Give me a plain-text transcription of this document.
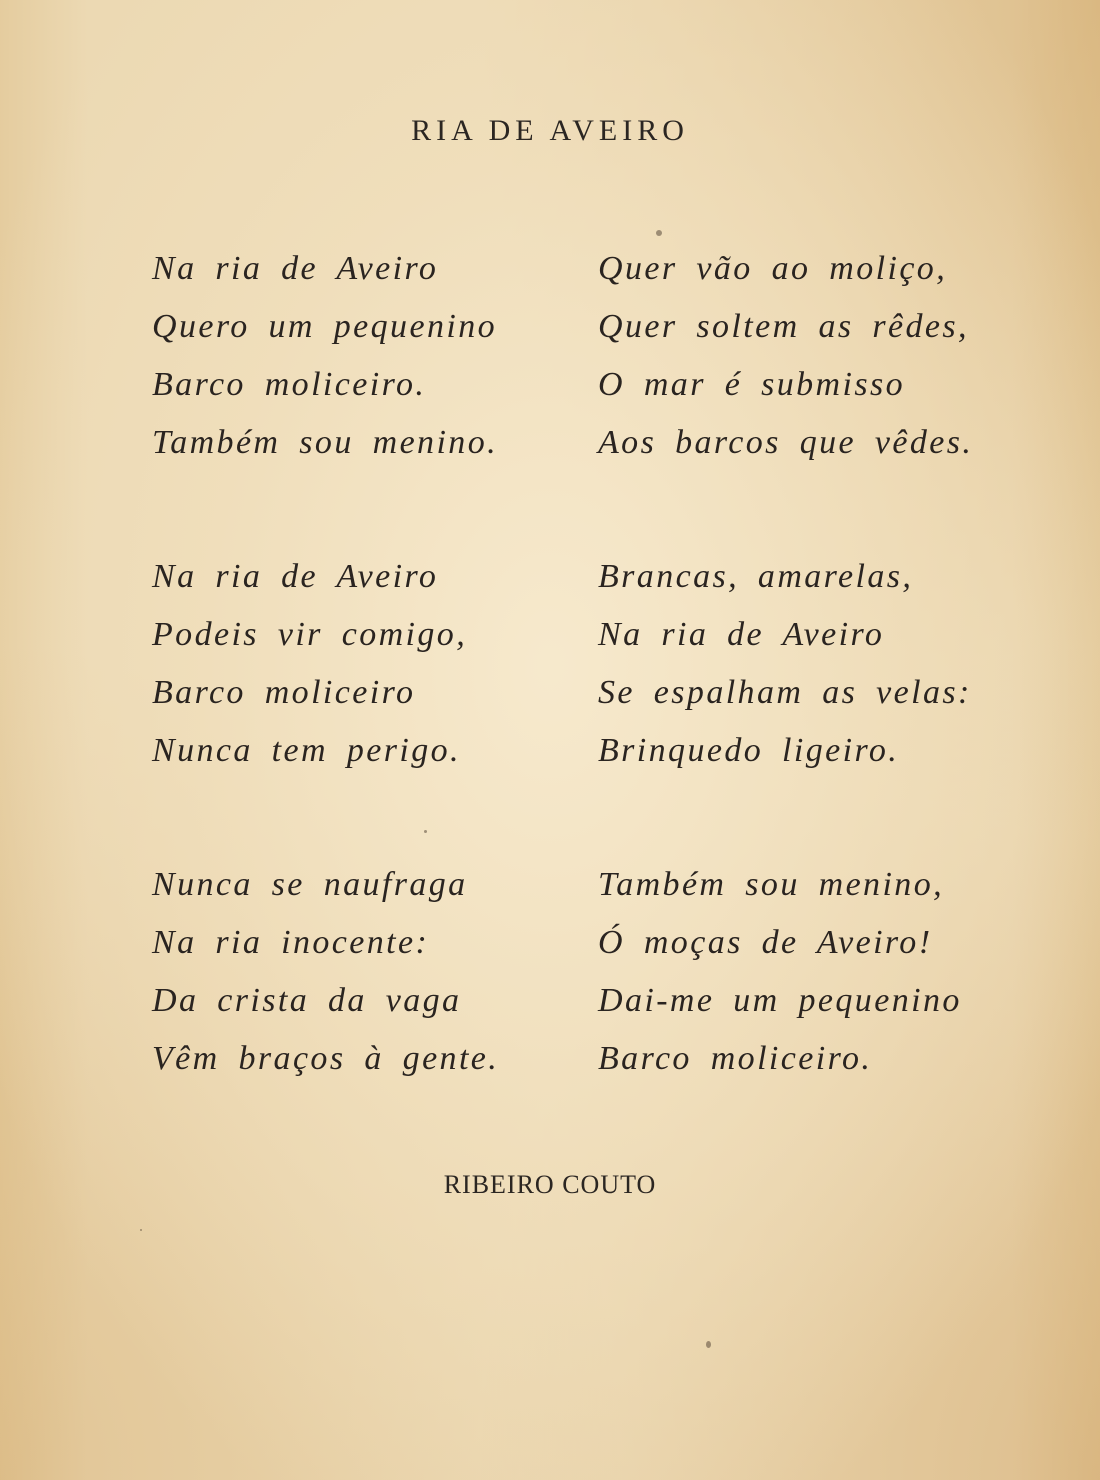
RIA DE AVEIRO
Na ria de Aveiro
Quero um pequenino
Barco moliceiro.
Também sou menino.
Na ria de Aveiro
Podeis vir comigo,
Barco moliceiro
Nunca tem perigo.
Nunca se naufraga
Na ria inocente:
Da crista da vaga
Vêm braços à gente.
Quer vão ao moliço,
Quer soltem as rêdes,
O mar é submisso
Aos barcos que vêdes.
Brancas, amarelas,
Na ria de Aveiro
Se espalham as velas:
Brinquedo ligeiro.
Também sou menino,
Ó moças de Aveiro!
Dai-me um pequenino
Barco moliceiro.
RIBEIRO COUTO
